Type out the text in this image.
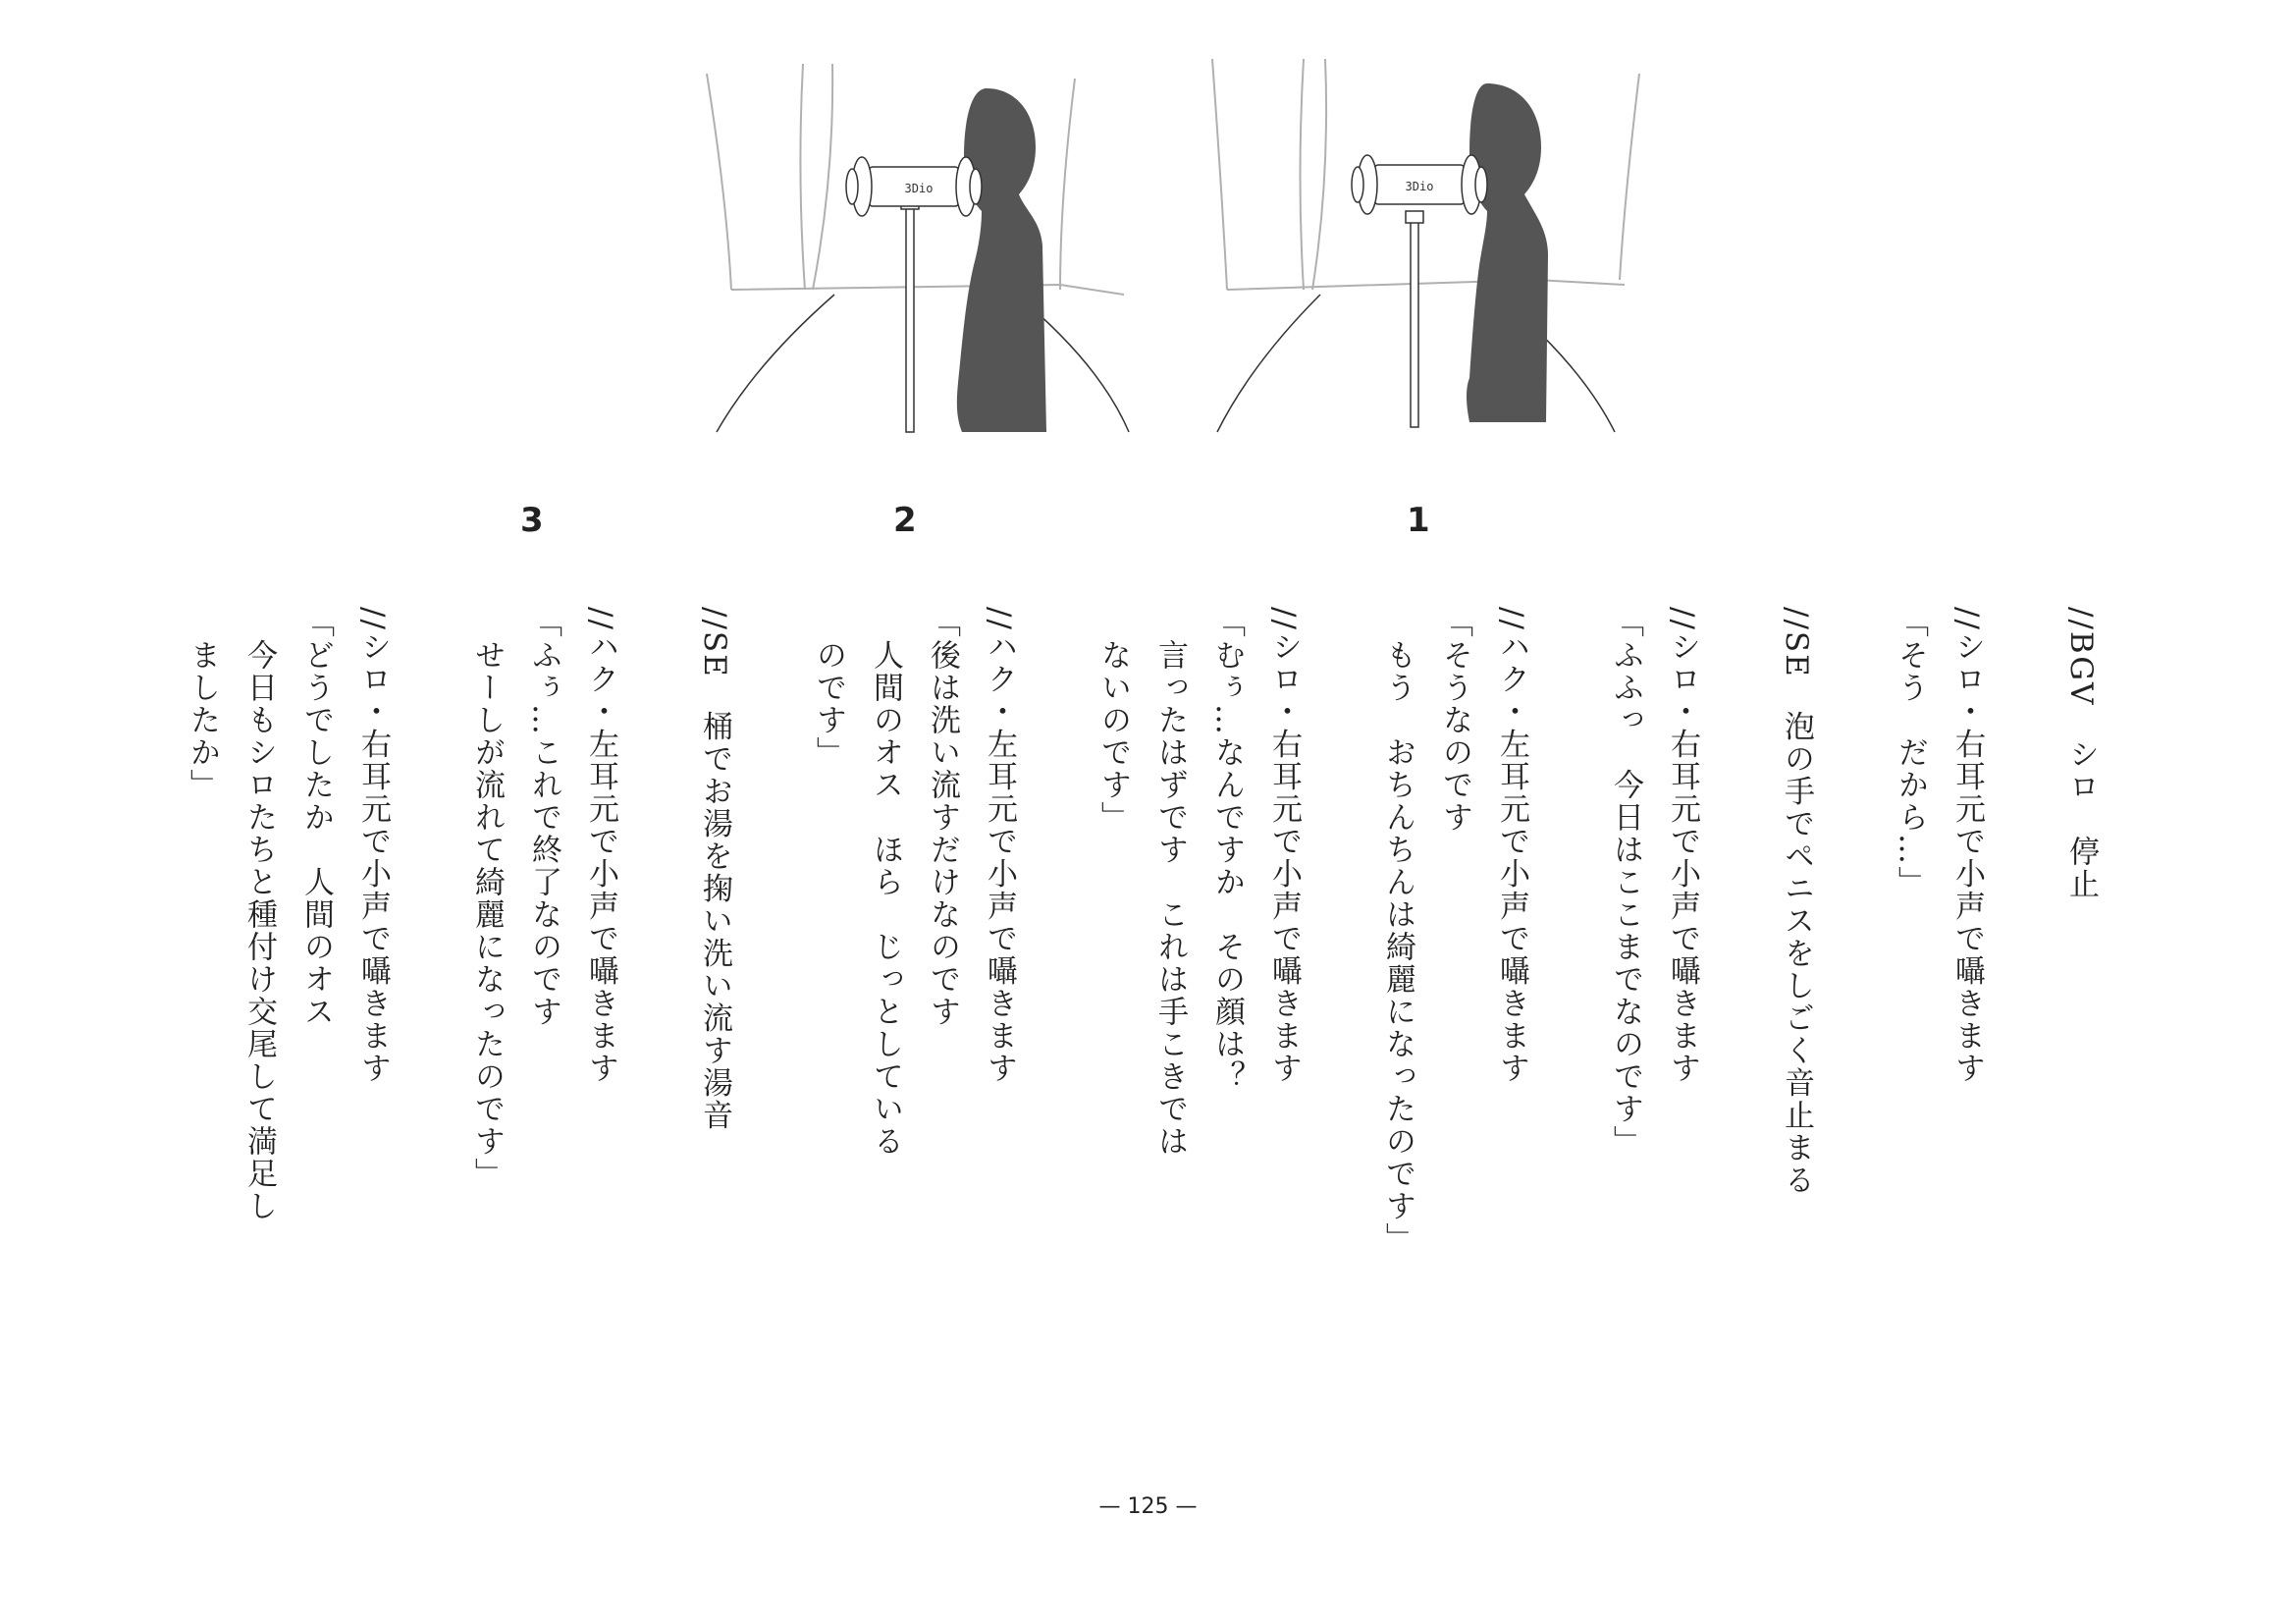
3Dio	3Dio
3	2	1
//BGV　シロ　停止

//シロ・右耳元で小声で囁きます
「そう　だから…」

//SE　泡の手でペニスをしごく音止まる

//シロ・右耳元で小声で囁きます
「ふふっ　今日はここまでなのです」

//ハク・左耳元で小声で囁きます
「そうなのです
　もう　おちんちんは綺麗になったのです」

//シロ・右耳元で小声で囁きます
「むぅ…なんですか　その顔は？
　言ったはずです　これは手こきでは
　ないのです」

//ハク・左耳元で小声で囁きます
「後は洗い流すだけなのです
　人間のオス　ほら　じっとしている
　のです」

//SE　桶でお湯を掬い洗い流す湯音

//ハク・左耳元で小声で囁きます
「ふぅ…これで終了なのです
　せーしが流れて綺麗になったのです」

//シロ・右耳元で小声で囁きます
「どうでしたか　人間のオス
　今日もシロたちと種付け交尾して満足し
　ましたか」
— 125 —
